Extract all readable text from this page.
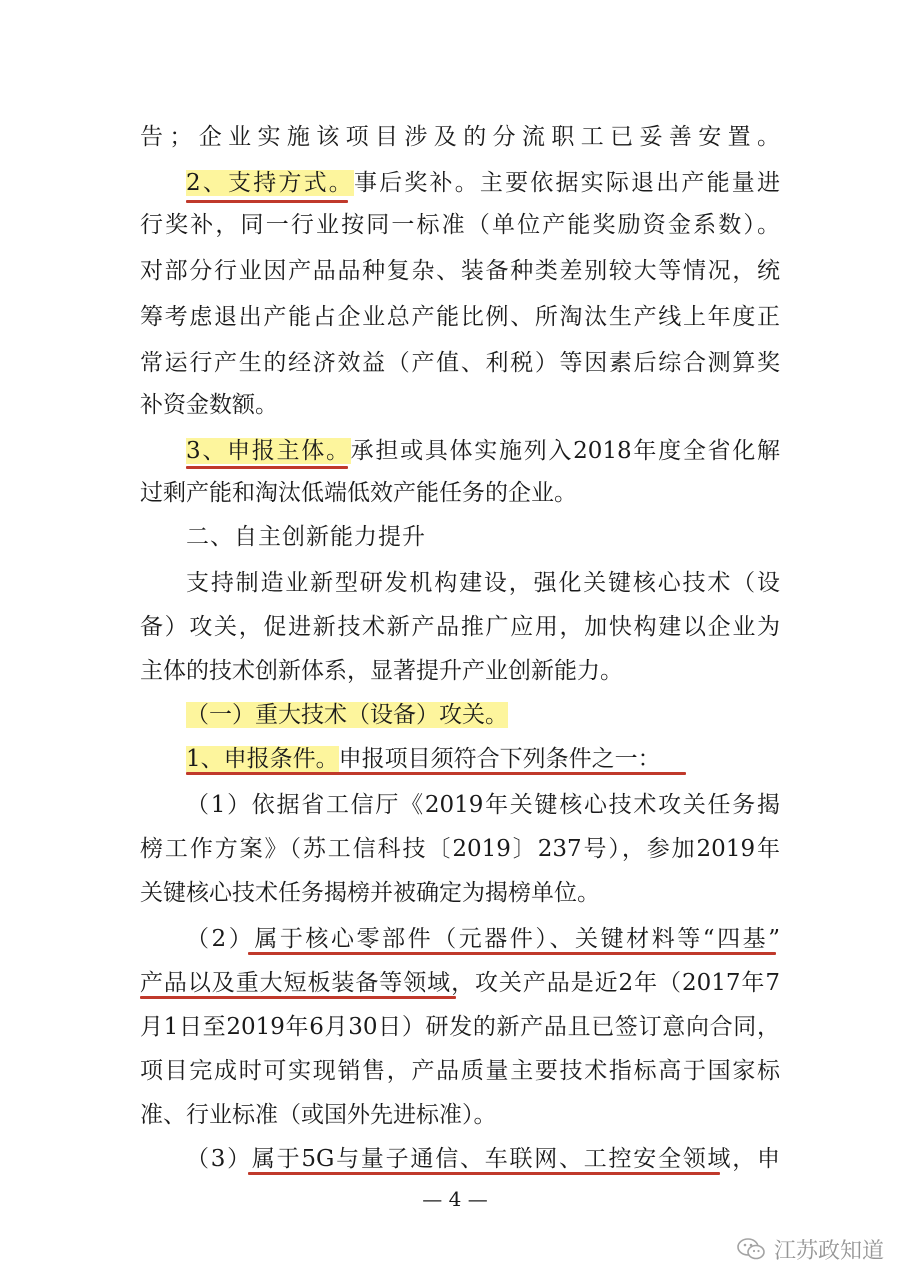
告；企业实施该项目涉及的分流职工已妥善安置。
2、支持方式。事后奖补。主要依据实际退出产能量进
行奖补，同一行业按同一标准（单位产能奖励资金系数）。
对部分行业因产品品种复杂、装备种类差别较大等情况，统
筹考虑退出产能占企业总产能比例、所淘汰生产线上年度正
常运行产生的经济效益（产值、利税）等因素后综合测算奖
补资金数额。
3、申报主体。承担或具体实施列入2018年度全省化解
过剩产能和淘汰低端低效产能任务的企业。
二、自主创新能力提升
支持制造业新型研发机构建设，强化关键核心技术（设
备）攻关，促进新技术新产品推广应用，加快构建以企业为
主体的技术创新体系，显著提升产业创新能力。
（一）重大技术（设备）攻关。
1、申报条件。申报项目须符合下列条件之一：
（1）依据省工信厅《2019年关键核心技术攻关任务揭
榜工作方案》（苏工信科技〔2019〕237号），参加2019年
关键核心技术任务揭榜并被确定为揭榜单位。
（2）属于核心零部件（元器件）、关键材料等“四基”
产品以及重大短板装备等领域，攻关产品是近2年（2017年7
月1日至2019年6月30日）研发的新产品且已签订意向合同，
项目完成时可实现销售，产品质量主要技术指标高于国家标
准、行业标准（或国外先进标准）。
（3）属于5G与量子通信、车联网、工控安全领域，申
— 4 —
江苏政知道
